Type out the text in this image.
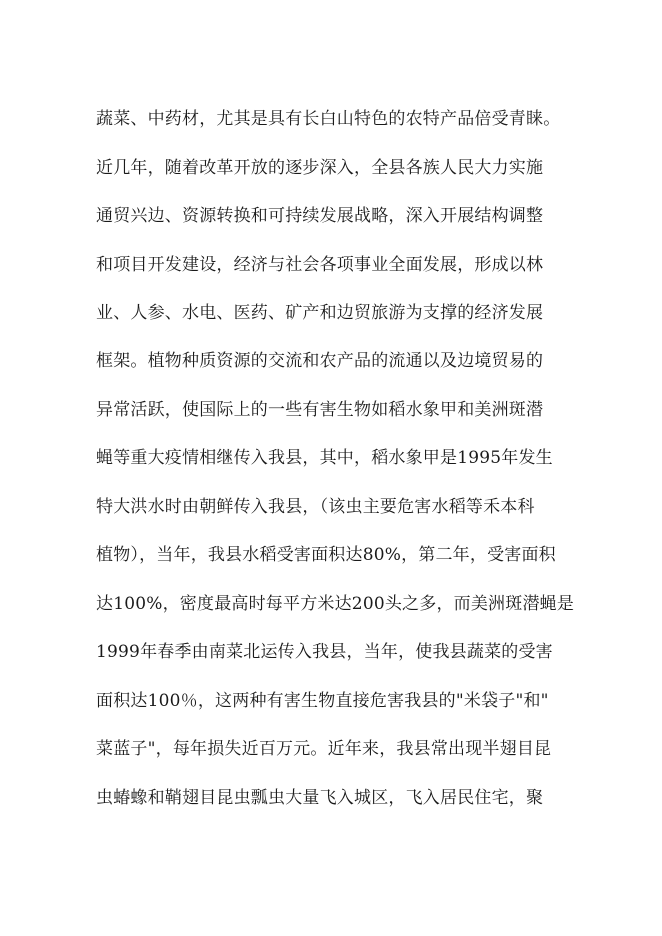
蔬菜、中药材，尤其是具有长白山特色的农特产品倍受青睐。
近几年，随着改革开放的逐步深入，全县各族人民大力实施
通贸兴边、资源转换和可持续发展战略，深入开展结构调整
和项目开发建设，经济与社会各项事业全面发展，形成以林
业、人参、水电、医药、矿产和边贸旅游为支撑的经济发展
框架。植物种质资源的交流和农产品的流通以及边境贸易的
异常活跃，使国际上的一些有害生物如稻水象甲和美洲斑潜
蝇等重大疫情相继传入我县，其中，稻水象甲是1995年发生
特大洪水时由朝鲜传入我县，（该虫主要危害水稻等禾本科
植物），当年，我县水稻受害面积达80%，第二年，受害面积
达100%，密度最高时每平方米达200头之多，而美洲斑潜蝇是
1999年春季由南菜北运传入我县，当年，使我县蔬菜的受害
面积达100％，这两种有害生物直接危害我县的"米袋子"和"
菜蓝子"，每年损失近百万元。近年来，我县常出现半翅目昆
虫蝽蟓和鞘翅目昆虫瓢虫大量飞入城区，飞入居民住宅，聚
